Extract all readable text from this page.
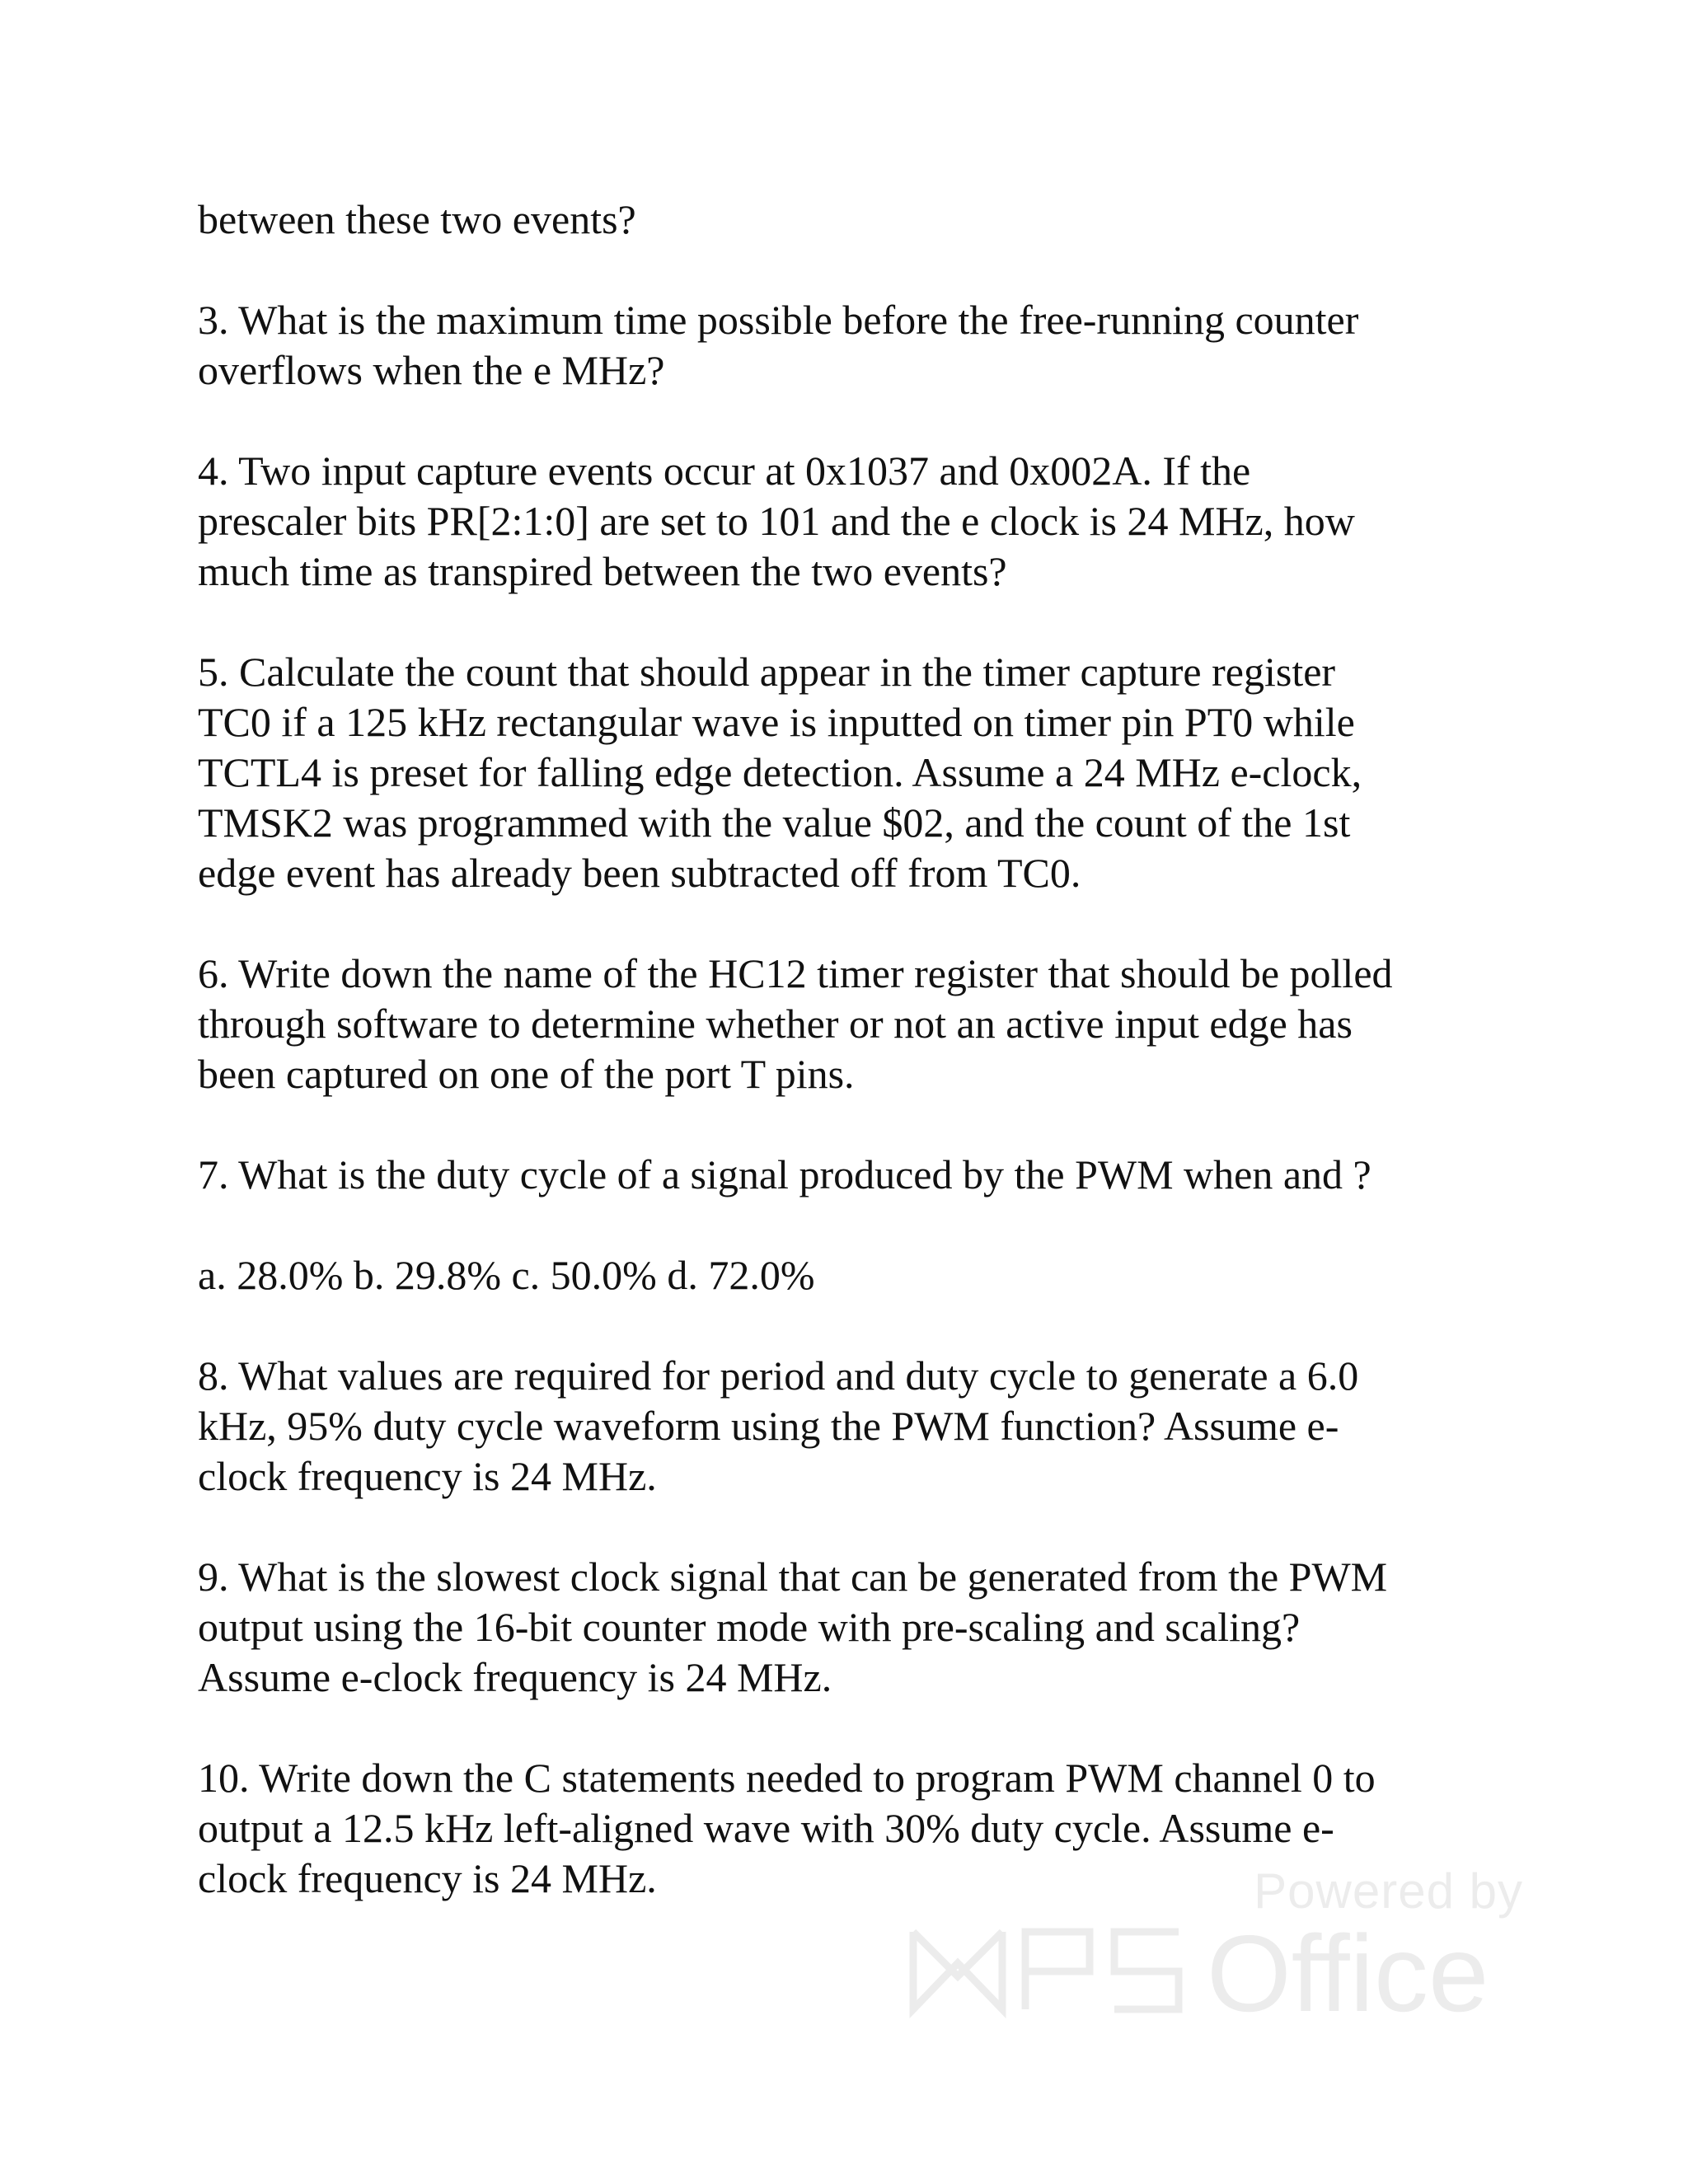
between these two events?

3. What is the maximum time possible before the free-running counter
overflows when the e MHz?

4. Two input capture events occur at 0x1037 and 0x002A. If the
prescaler bits PR[2:1:0] are set to 101 and the e clock is 24 MHz, how
much time as transpired between the two events?

5. Calculate the count that should appear in the timer capture register
TC0 if a 125 kHz rectangular wave is inputted on timer pin PT0 while
TCTL4 is preset for falling edge detection. Assume a 24 MHz e-clock,
TMSK2 was programmed with the value $02, and the count of the 1st
edge event has already been subtracted off from TC0.

6. Write down the name of the HC12 timer register that should be polled
through software to determine whether or not an active input edge has
been captured on one of the port T pins.

7. What is the duty cycle of a signal produced by the PWM when and ?

a. 28.0% b. 29.8% c. 50.0% d. 72.0%

8. What values are required for period and duty cycle to generate a 6.0
kHz, 95% duty cycle waveform using the PWM function? Assume e-
clock frequency is 24 MHz.

9. What is the slowest clock signal that can be generated from the PWM
output using the 16-bit counter mode with pre-scaling and scaling?
Assume e-clock frequency is 24 MHz.

10. Write down the C statements needed to program PWM channel 0 to
output a 12.5 kHz left-aligned wave with 30% duty cycle. Assume e-
clock frequency is 24 MHz.	Powered by
Office
